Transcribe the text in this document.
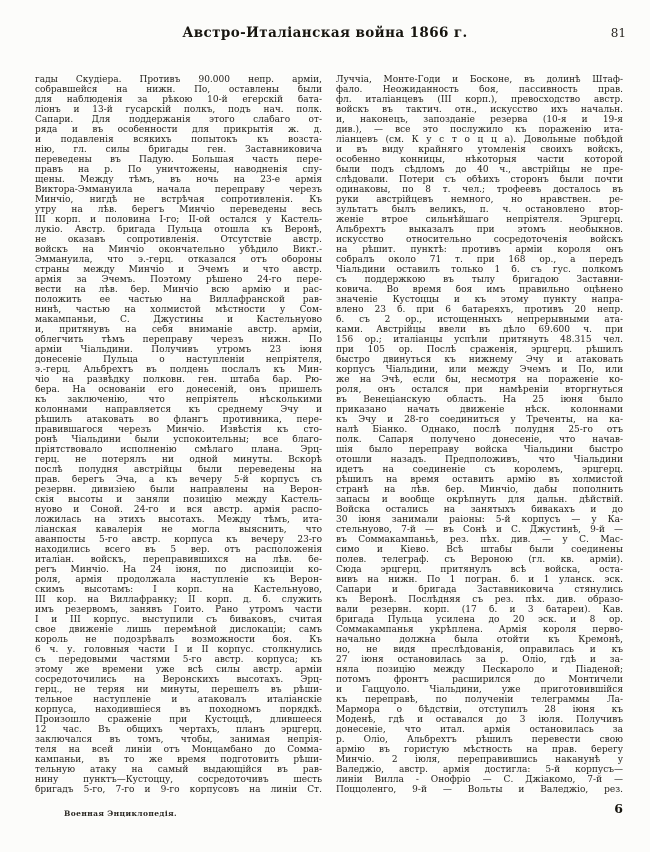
Австро-Италіанская война 1866 г.	81
гады Скудіера. Противъ 90.000 непр. арміи,
собравшейся на нижн. По, оставлены были
для наблюденія за рѣкою 10-й егерскій бата-
ліонъ и 13-й гусарскій полкъ, подъ нач. полк.
Сапари. Для поддержанія этого слабаго от-
ряда и въ особенности для прикрытія ж. д.
и подавленія всякихъ попытокъ къ возста-
нію, гл. силы бригады ген. Заставниковича
переведены въ Падую. Большая часть пере-
правъ на р. По уничтожены, наводненія спу-
щены. Между тѣмъ, въ ночь на 23-е армія
Виктора-Эммануила начала переправу черезъ
Минчіо, нигдѣ не встрѣчая сопротивленія. Къ
утру на лѣв. берегъ Минчіо переведены весь
III корп. и половина I-го; II-ой остался у Кастель-
лукіо. Австр. бригада Пульца отошла къ Веронѣ,
не оказавъ сопротивленія. Отсутствіе австр.
войскъ на Минчіо окончательно убѣдило Викт.-
Эммануила, что э.-герц. отказался отъ обороны
страны между Минчіо и Эчемъ и что австр.
армія за Эчемъ. Поэтому рѣшено 24-го пере-
вести на лѣв. бер. Минчіо всю армію и рас-
положить ее частью на Виллафранской рав-
нинѣ, частью на холмистой мѣстности у Сом-
макампаньи, С. Джустины и Кастельнуово
и, притянувъ на себя вниманіе австр. арміи,
облегчить тѣмъ переправу черезъ нижн. По
арміи Чіальдини. Получивъ утромъ 23 іюня
донесеніе Пульца о наступленіи непріятеля,
э.-герц. Альбрехтъ въ полдень послалъ къ Мин-
чіо на развѣдку полковн. ген. штаба бар. Рю-
бера. На основаніи его донесеній, онъ пришелъ
къ заключенію, что непріятель нѣсколькими
колоннами направляется къ среднему Эчу и
рѣшилъ атаковать во флангъ противника, пере-
правившагося черезъ Минчіо. Извѣстія къ сто-
ронѣ Чіальдини были успокоительны; все благо-
пріятствовало исполненію смѣлаго плана. Эрц-
герц. не потерялъ ни одной минуты. Вскорѣ
послѣ полудня австрійцы были переведены на
прав. берегъ Эча, а къ вечеру 5-й корпусъ съ
резервн. дивизіею были направлены на Верон-
скія высоты и заняли позицію между Кастель-
нуово и Соной. 24-го и вся австр. армія распо-
ложилась на этихъ высотахъ. Между тѣмъ, ита-
ліанская кавалерія не могла выяснить, что
аванпосты 5-го австр. корпуса къ вечеру 23-го
находились всего въ 5 вер. отъ расположенія
италіан. войскъ, переправившихся на лѣв. бе-
регъ Минчіо. На 24 іюня, по диспозиціи ко-
роля, армія продолжала наступленіе къ Верон-
скимъ высотамъ: I корп. на Кастельнуово,
III кор. на Виллафранку; II корп. д. б. служить
имъ резервомъ, занявъ Гоито. Рано утромъ части
I и III корпус. выступили съ биваковъ, считая
свое движеніе лишь перемѣной дислокаціи; самъ
король не подозрѣвалъ возможности боя. Къ
6 ч. у. головныя части I и II корпус. столкнулись
съ передовыми частями 5-го австр. корпуса; къ
этому же времени уже всѣ силы австр. арміи
сосредоточились на Веронскихъ высотахъ. Эрц-
герц., не теряя ни минуты, перешелъ въ рѣши-
тельное наступленіе и атаковалъ италіанскіе
корпуса, находившіеся въ походномъ порядкѣ.
Произошло сраженіе при Кустоццѣ, длившееся
12 час. Въ общихъ чертахъ, планъ эрцгерц.
заключался въ томъ, чтобы, занимая непрія-
теля на всей линіи отъ Монцамбано до Сомма-
кампаньи, въ то же время подготовить рѣши-
тельную атаку на самый выдающійся въ рав-
нину пунктъ—Кустоццу, сосредоточивъ шесть
бригадъ 5-го, 7-го и 9-го корпусовъ на линіи Ст.
Луччіа, Монте-Годи и Босконе, въ долинѣ Штаф-
фало. Неожиданность боя, пассивность прав.
фл. италіанцевъ (III корп.), превосходство австр.
войскъ въ тактич. отн., искусство ихъ начальн.
и, наконецъ, запозданіе резерва (10-я и 19-я
див.), — все это послужило къ пораженію ита-
ліанцевъ (см. К у с т о ц ц а). Довольные побѣдой
и въ виду крайняго утомленія своихъ войскъ,
особенно конницы, нѣкоторыя части которой
были подъ сѣдломъ до 40 ч., австрійцы не пре-
слѣдовали. Потери съ обѣихъ сторонъ были почти
одинаковы, по 8 т. чел.; трофеевъ досталось въ
руки австрійцевъ немного, но нравствен. ре-
зультатъ былъ великъ, п. ч. остановлено втор-
женіе втрое сильнѣйшаго непріятеля. Эрцгерц.
Альбрехтъ выказалъ при этомъ необыкнов.
искусство относительно сосредоточенія войскъ
на рѣшит. пунктѣ: противъ арміи короля онъ
собралъ около 71 т. при 168 ор., а передъ
Чіальдини оставилъ только 1 б. съ гус. полкомъ
съ поддержкою въ тылу бригадою Заставни-
ковича. Во время боя имъ правильно оцѣнено
значеніе Кустоццы и къ этому пункту напра-
влено 23 б. при 6 батареяхъ, противъ 20 непр.
б. съ 2 ор., истощенныхъ непрерывными ата-
ками. Австрійцы ввели въ дѣло 69.600 ч. при
156 ор.; италіанцы успѣли притянуть 48.315 чел.
при 105 ор. Послѣ сраженія, эрцгерц. рѣшилъ
быстро двинуться къ нижнему Эчу и атаковать
корпусъ Чіальдини, или между Эчемъ и По, или
же на Эчѣ, если бы, несмотря на пораженіе ко-
роля, онъ остался при намѣреніи вторгнуться
въ Венеціанскую область. На 25 іюня было
приказано начать движеніе нѣск. колоннами
къ Эчу и 28-го соединиться у Треченты, на ка-
налѣ Біанко. Однако, послѣ полудня 25-го отъ
полк. Сапаря получено донесеніе, что начав-
шія было переправу войска Чіальдини быстро
отошли назадъ. Предположивъ, что Чіальдини
идетъ на соединеніе съ королемъ, эрцгерц.
рѣшилъ на время оставить армію въ холмистой
странѣ на лѣв. бер. Минчіо, дабы пополнить
запасы и вообще окрѣпнуть для дальн. дѣйствій.
Войска остались на занятыхъ бивакахъ и до
30 іюня занимали раіоны: 5-й корпусъ — у Ка-
стельнуово, 7-й — въ Сонѣ и С. Джустинѣ, 9-й —
въ Соммакампаньѣ, рез. пѣх. див. — у С. Мас-
симо и Кіево. Всѣ штабы были соединены
полев. телеграф. съ Вероною (гл. кв. арміи).
Сюда эрцгерц. притянулъ всѣ войска, оста-
вивъ на нижн. По 1 погран. б. и 1 уланск. эск.
Сапари и бригада Заставниковича стянулись
къ Веронѣ. Послѣдняя съ рез. пѣх. див. образо-
вали резервн. корп. (17 б. и 3 батареи). Кав.
бригада Пульца усилена до 20 эск. и 8 ор.
Соммакампанья укрѣплена. Армія короля перво-
начально должна была отойти къ Кремонѣ,
но, не видя преслѣдованія, оправилась и къ
27 іюня остановилась за р. Оліо, гдѣ и за-
няла позицію между Пескароло и Піаденой;
потомъ фронтъ расширился до Монтичели
и Гаццуоло. Чіальдини, уже приготовившійся
къ переправѣ, по полученіи телеграммы Ла-
Мармора о бѣдствіи, отступилъ 28 іюня къ
Моденѣ, гдѣ и оставался до 3 іюля. Получивъ
донесеніе, что итал. армія остановилась за
р. Оліо, Альбрехтъ рѣшилъ перевести свою
армію въ гористую мѣстность на прав. берегу
Минчіо. 2 іюля, переправившись наканунѣ у
Валеджіо, австр. армія достигла: 5-й корпусъ—
линіи Вилла - Онофріо — С. Джіакомо, 7-й —
Поццоленго, 9-й — Вольты и Валеджіо, рез.
Военная Энциклопедія.	6
